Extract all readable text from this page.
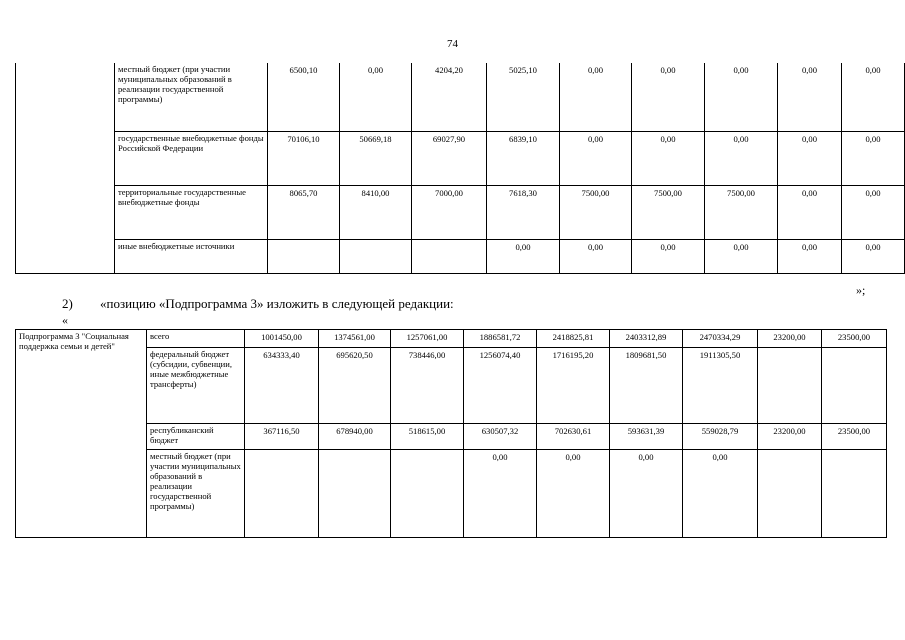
74
	местный бюджет (при участии муниципальных образований в реализации государственной программы)	6500,10	0,00	4204,20	5025,10	0,00	0,00	0,00	0,00	0,00
	государственные внебюджетные фонды Российской Федерации	70106,10	50669,18	69027,90	6839,10	0,00	0,00	0,00	0,00	0,00
	территориальные государственные внебюджетные фонды	8065,70	8410,00	7000,00	7618,30	7500,00	7500,00	7500,00	0,00	0,00
	иные внебюджетные источники				0,00	0,00	0,00	0,00	0,00	0,00
»;
2) «позицию «Подпрограмма 3» изложить в следующей редакции:
«
Подпрограмма 3 "Социальная поддержка семьи и детей"	всего	1001450,00	1374561,00	1257061,00	1886581,72	2418825,81	2403312,89	2470334,29	23200,00	23500,00
	федеральный бюджет (субсидии, субвенции, иные межбюджетные трансферты)	634333,40	695620,50	738446,00	1256074,40	1716195,20	1809681,50	1911305,50		
	республиканский бюджет	367116,50	678940,00	518615,00	630507,32	702630,61	593631,39	559028,79	23200,00	23500,00
	местный бюджет (при участии муниципальных образований в реализации государственной программы)				0,00	0,00	0,00	0,00		
